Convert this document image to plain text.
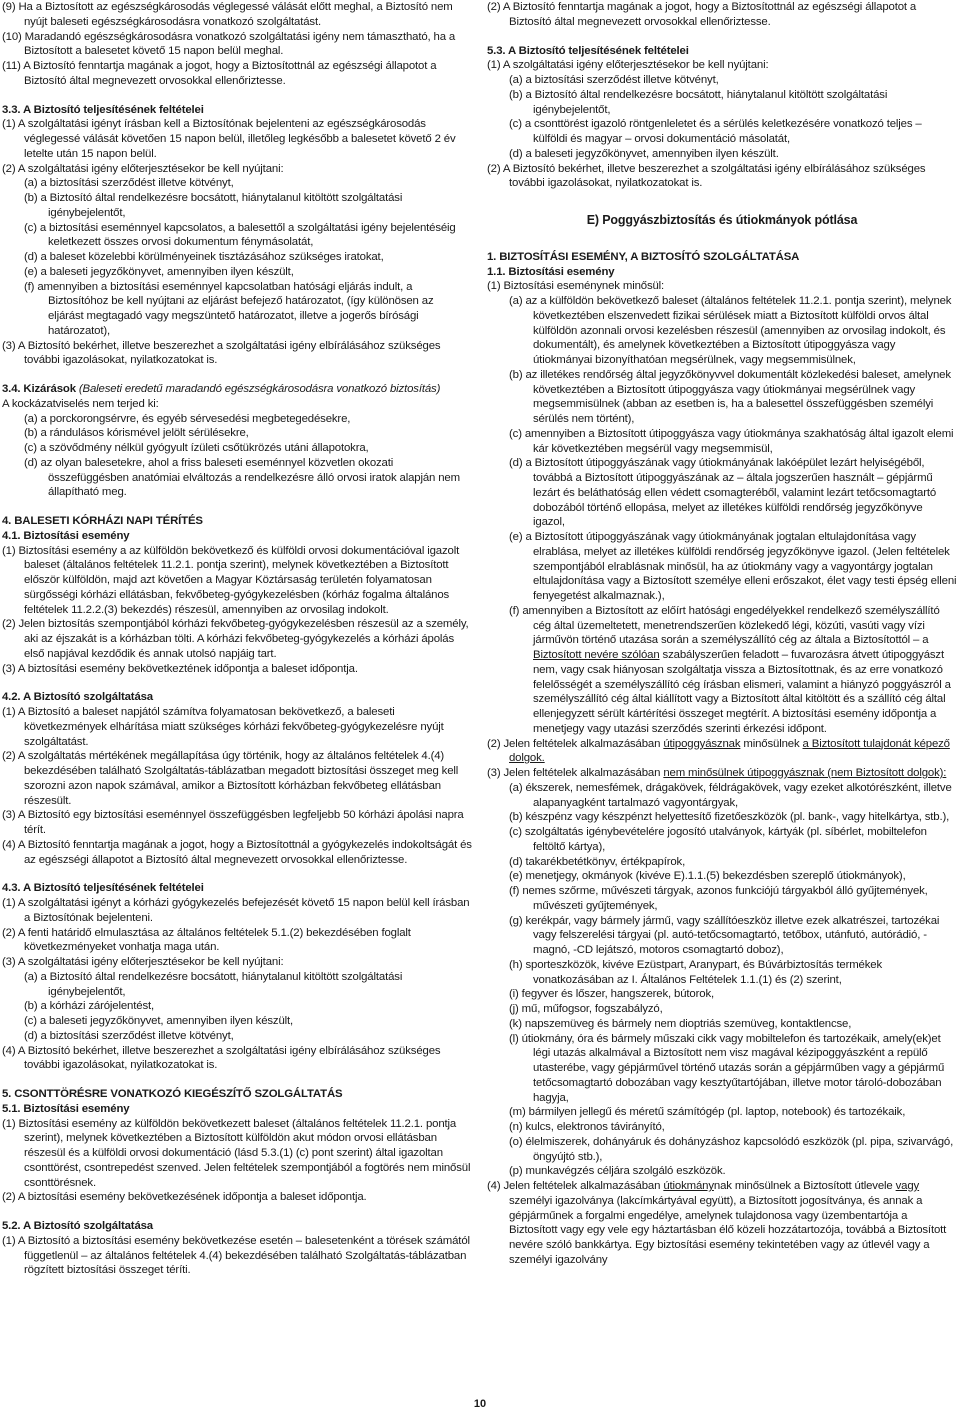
(9) Ha a Biztosított az egészségkárosodás véglegessé válását előtt meghal, a Biztosító nem nyújt baleseti egészségkárosodásra vonatkozó szolgáltatást.

(10) Maradandó egészségkárosodásra vonatkozó szolgáltatási igény nem támasztható, ha a Biztosított a balesetet követő 15 napon belül meghal.

(11) A Biztosító fenntartja magának a jogot, hogy a Biztosítottnál az egészségi állapotot a Biztosító által megnevezett orvosokkal ellenőriztesse.

3.3. A Biztosító teljesítésének feltételei

(1) A szolgáltatási igényt írásban kell a Biztosítónak bejelenteni az egészségkárosodás véglegessé válását követően 15 napon belül, illetőleg legkésőbb a balesetet követő 2 év letelte után 15 napon belül.

(2) A szolgáltatási igény előterjesztésekor be kell nyújtani:

(a) a biztosítási szerződést illetve kötvényt,

(b) a Biztosító által rendelkezésre bocsátott, hiánytalanul kitöltött szolgáltatási igénybejelentőt,

(c) a biztosítási eseménnyel kapcsolatos, a balesettől a szolgáltatási igény bejelentéséig keletkezett összes orvosi dokumentum fénymásolatát,

(d) a baleset közelebbi körülményeinek tisztázásához szükséges iratokat,

(e) a baleseti jegyzőkönyvet, amennyiben ilyen készült,

(f) amennyiben a biztosítási eseménnyel kapcsolatban hatósági eljárás indult, a Biztosítóhoz be kell nyújtani az eljárást befejező határozatot, (így különösen az eljárást megtagadó vagy megszüntető határozatot, illetve a jogerős bírósági határozatot),

(3) A Biztosító bekérhet, illetve beszerezhet a szolgáltatási igény elbírálásához szükséges további igazolásokat, nyilatkozatokat is.

3.4. Kizárások (Baleseti eredetű maradandó egészségkárosodásra vonatkozó biztosítás)

A kockázatviselés nem terjed ki:

(a) a porckorongsérvre, és egyéb sérvesedési megbetegedésekre,

(b) a rándulásos kórismével jelölt sérülésekre,

(c) a szövődmény nélkül gyógyult ízületi csőtükrözés utáni állapotokra,

(d) az olyan balesetekre, ahol a friss baleseti eseménnyel közvetlen okozati összefüggésben anatómiai elváltozás a rendelkezésre álló orvosi iratok alapján nem állapítható meg.

4. BALESETI KÓRHÁZI NAPI TÉRÍTÉS

4.1. Biztosítási esemény

(1) Biztosítási esemény a az külföldön bekövetkező és külföldi orvosi dokumentációval igazolt baleset (általános feltételek 11.2.1. pontja szerint), melynek következtében a Biztosított először külföldön, majd azt követően a Magyar Köztársaság területén folyamatosan sürgősségi kórházi ellátásban, fekvőbeteg-gyógykezelésben (kórház fogalma általános feltételek 11.2.2.(3) bekezdés) részesül, amennyiben az orvosilag indokolt.

(2) Jelen biztosítás szempontjából kórházi fekvőbeteg-gyógykezelésben részesül az a személy, aki az éjszakát is a kórházban tölti. A kórházi fekvőbeteg-gyógykezelés a kórházi ápolás első napjával kezdődik és annak utolsó napjáig tart.

(3) A biztosítási esemény bekövetkeztének időpontja a baleset időpontja.

4.2. A Biztosító szolgáltatása

(1) A Biztosító a baleset napjától számítva folyamatosan bekövetkező, a baleseti következmények elhárítása miatt szükséges kórházi fekvőbeteg-gyógykezelésre nyújt szolgáltatást.

(2) A szolgáltatás mértékének megállapítása úgy történik, hogy az általános feltételek 4.(4) bekezdésében található Szolgáltatás-táblázatban megadott biztosítási összeget meg kell szorozni azon napok számával, amikor a Biztosított kórházban fekvőbeteg ellátásban részesült.

(3) A Biztosító egy biztosítási eseménnyel összefüggésben legfeljebb 50 kórházi ápolási napra térít.

(4) A Biztosító fenntartja magának a jogot, hogy a Biztosítottnál a gyógykezelés indokoltságát és az egészségi állapotot a Biztosító által megnevezett orvosokkal ellenőriztesse.

4.3. A Biztosító teljesítésének feltételei

(1) A szolgáltatási igényt a kórházi gyógykezelés befejezését követő 15 napon belül kell írásban a Biztosítónak bejelenteni.

(2) A fenti határidő elmulasztása az általános feltételek 5.1.(2) bekezdésében foglalt következményeket vonhatja maga után.

(3) A szolgáltatási igény előterjesztésekor be kell nyújtani:

(a) a Biztosító által rendelkezésre bocsátott, hiánytalanul kitöltött szolgáltatási igénybejelentőt,

(b) a kórházi zárójelentést,

(c) a baleseti jegyzőkönyvet, amennyiben ilyen készült,

(d) a biztosítási szerződést illetve kötvényt,

(4) A Biztosító bekérhet, illetve beszerezhet a szolgáltatási igény elbírálásához szükséges további igazolásokat, nyilatkozatokat is.

5. CSONTTÖRÉSRE VONATKOZÓ KIEGÉSZÍTŐ SZOLGÁLTATÁS

5.1. Biztosítási esemény

(1) Biztosítási esemény az külföldön bekövetkezett baleset (általános feltételek 11.2.1. pontja szerint), melynek következtében a Biztosított külföldön akut módon orvosi ellátásban részesül és a külföldi orvosi dokumentáció (lásd 5.3.(1) (c) pont szerint) által igazoltan csonttörést, csontrepedést szenved. Jelen feltételek szempontjából a fogtörés nem minősül csonttörésnek.

(2) A biztosítási esemény bekövetkezésének időpontja a baleset időpontja.

5.2. A Biztosító szolgáltatása

(1) A Biztosító a biztosítási esemény bekövetkezése esetén – balesetenként a törések számától függetlenül – az általános feltételek 4.(4) bekezdésében található Szolgáltatás-táblázatban rögzített biztosítási összeget téríti.

(2) A Biztosító fenntartja magának a jogot, hogy a Biztosítottnál az egészségi állapotot a Biztosító által megnevezett orvosokkal ellenőriztesse.

5.3. A Biztosító teljesítésének feltételei

(1) A szolgáltatási igény előterjesztésekor be kell nyújtani:

(a) a biztosítási szerződést illetve kötvényt,

(b) a Biztosító által rendelkezésre bocsátott, hiánytalanul kitöltött szolgáltatási igénybejelentőt,

(c) a csonttörést igazoló röntgenleletet és a sérülés keletkezésére vonatkozó teljes – külföldi és magyar – orvosi dokumentáció másolatát,

(d) a baleseti jegyzőkönyvet, amennyiben ilyen készült.

(2) A Biztosító bekérhet, illetve beszerezhet a szolgáltatási igény elbírálásához szükséges további igazolásokat, nyilatkozatokat is.

E) Poggyászbiztosítás és útiokmányok pótlása

1. BIZTOSÍTÁSI ESEMÉNY, A BIZTOSÍTÓ SZOLGÁLTATÁSA

1.1. Biztosítási esemény

(1) Biztosítási eseménynek minősül:

(a) az a külföldön bekövetkező baleset (általános feltételek 11.2.1. pontja szerint), melynek következtében elszenvedett fizikai sérülések miatt a Biztosított külföldi orvos által külföldön azonnali orvosi kezelésben részesül (amennyiben az orvosilag indokolt, és dokumentált), és amelynek következtében a Biztosított útipoggyásza vagy útiokmányai bizonyíthatóan megsérülnek, vagy megsemmisülnek,

(b) az illetékes rendőrség által jegyzőkönyvvel dokumentált közlekedési baleset, amelynek következtében a Biztosított útipoggyásza vagy útiokmányai megsérülnek vagy megsemmisülnek (abban az esetben is, ha a balesettel összefüggésben személyi sérülés nem történt),

(c) amennyiben a Biztosított útipoggyásza vagy útiokmánya szakhatóság által igazolt elemi kár következtében megsérül vagy megsemmisül,

(d) a Biztosított útipoggyászának vagy útiokmányának lakóépület lezárt helyiségéből, továbbá a Biztosított útipoggyászának az – általa jogszerűen használt – gépjármű lezárt és beláthatóság ellen védett csomagteréből, valamint lezárt tetőcsomagtartó dobozából történő ellopása, melyet az illetékes külföldi rendőrség jegyzőkönyve igazol,

(e) a Biztosított útipoggyászának vagy útiokmányának jogtalan eltulajdonítása vagy elrablása, melyet az illetékes külföldi rendőrség jegyzőkönyve igazol. (Jelen feltételek szempontjából elrablásnak minősül, ha az útiokmány vagy a vagyontárgy jogtalan eltulajdonítása vagy a Biztosított személye elleni erőszakot, élet vagy testi épség elleni fenyegetést alkalmaznak.),

(f) amennyiben a Biztosított az előírt hatósági engedélyekkel rendelkező személyszállító cég által üzemeltetett, menetrendszerűen közlekedő légi, közúti, vasúti vagy vízi járművön történő utazása során a személyszállító cég az általa a Biztosítottól – a Biztosított nevére szólóan szabályszerűen feladott – fuvarozásra átvett útipoggyászt nem, vagy csak hiányosan szolgáltatja vissza a Biztosítottnak, és az erre vonatkozó felelősségét a személyszállító cég írásban elismeri, valamint a hiányzó poggyászról a személyszállító cég által kiállított vagy a Biztosított által kitöltött és a szállító cég által ellenjegyzett sérült kártérítési összeget megtérít. A biztosítási esemény időpontja a menetjegy vagy utazási szerződés szerinti érkezési időpont.

(2) Jelen feltételek alkalmazásában útipoggyásznak minősülnek a Biztosított tulajdonát képező dolgok.

(3) Jelen feltételek alkalmazásában nem minősülnek útipoggyásznak (nem Biztosított dolgok):

(a) ékszerek, nemesfémek, drágakövek, féldrágakövek, vagy ezeket alkotórészként, illetve alapanyagként tartalmazó vagyontárgyak,

(b) készpénz vagy készpénzt helyettesítő fizetőeszközök (pl. bank-, vagy hitelkártya, stb.),

(c) szolgáltatás igénybevételére jogosító utalványok, kártyák (pl. síbérlet, mobiltelefon feltöltő kártya),

(d) takarékbetétkönyv, értékpapírok,

(e) menetjegy, okmányok (kivéve E).1.1.(5) bekezdésben szereplő útiokmányok),

(f) nemes szőrme, művészeti tárgyak, azonos funkciójú tárgyakból álló gyűjtemények, művészeti gyűjtemények,

(g) kerékpár, vagy bármely jármű, vagy szállítóeszköz illetve ezek alkatrészei, tartozékai vagy felszerelési tárgyai (pl. autó-tetőcsomagtartó, tetőbox, utánfutó, autórádió, -magnó, -CD lejátszó, motoros csomagtartó doboz),

(h) sporteszközök, kivéve Ezüstpart, Aranypart, és Búvárbiztosítás termékek vonatkozásában az I. Általános Feltételek 1.1.(1) és (2) szerint,

(i) fegyver és lőszer, hangszerek, bútorok,

(j) mű, műfogsor, fogszabályzó,

(k) napszemüveg és bármely nem dioptriás szemüveg, kontaktlencse,

(l) útiokmány, óra és bármely műszaki cikk vagy mobiltelefon és tartozékaik, amely(ek)et légi utazás alkalmával a Biztosított nem visz magával kézipoggyászként a repülő utasterébe, vagy gépjárművel történő utazás során a gépjárműben vagy a gépjármű tetőcsomagtartó dobozában vagy kesztyűtartójában, illetve motor tároló-dobozában hagyja,

(m) bármilyen jellegű és méretű számítógép (pl. laptop, notebook) és tartozékaik,

(n) kulcs, elektronos távirányító,

(o) élelmiszerek, dohányáruk és dohányzáshoz kapcsolódó eszközök (pl. pipa, szivarvágó, öngyújtó stb.),

(p) munkavégzés céljára szolgáló eszközök.

(4) Jelen feltételek alkalmazásában útiokmánynak minősülnek a Biztosított útlevele vagy személyi igazolványa (lakcímkártyával együtt), a Biztosított jogosítványa, és annak a gépjárműnek a forgalmi engedélye, amelynek tulajdonosa vagy üzembentartója a Biztosított vagy egy vele egy háztartásban élő közeli hozzátartozója, továbbá a Biztosított nevére szóló bankkártya. Egy biztosítási esemény tekintetében vagy az útlevél vagy a személyi igazolvány

10
